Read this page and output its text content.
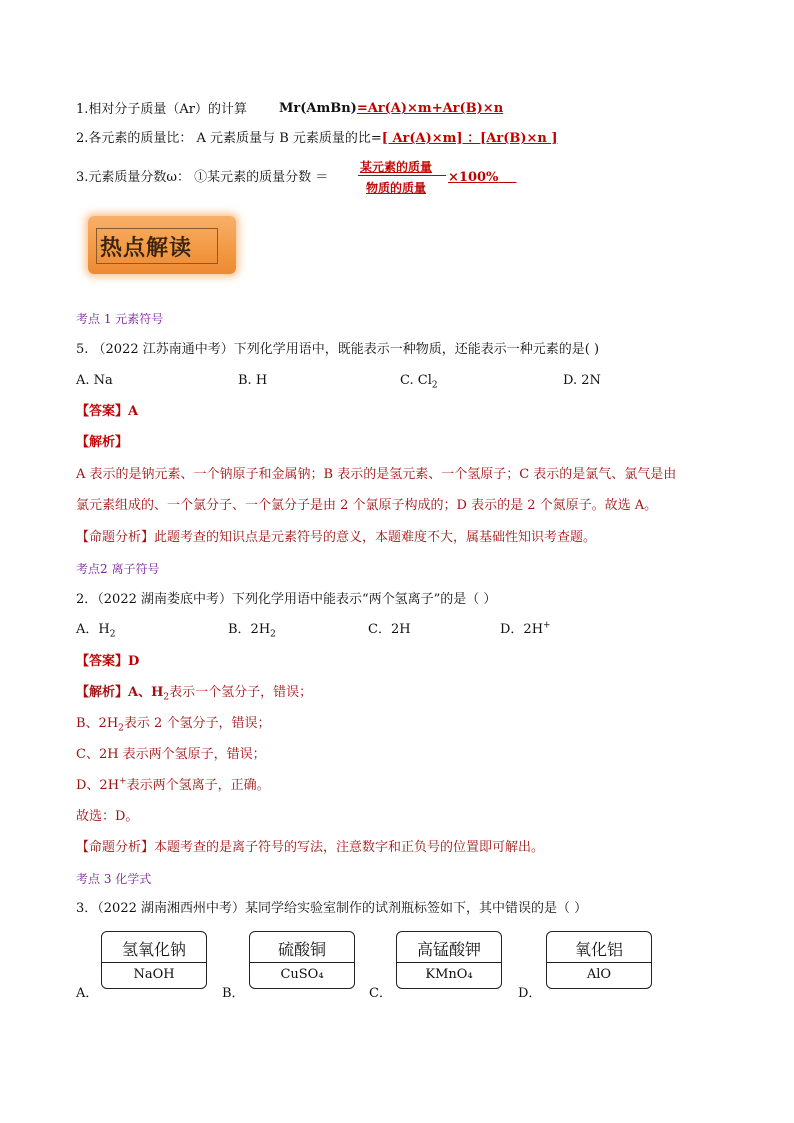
1.相对分子质量（Ar）的计算 Mr(AmBn)=Ar(A)×m+Ar(B)×n
2.各元素的质量比： A 元素质量与 B 元素质量的比=[ Ar(A)×m] ：[Ar(B)×n ]
3.元素质量分数ω： ①某元素的质量分数 ＝
某元素的质量
物质的质量
×100%
热点解读
考点 1 元素符号
5. （2022 江苏南通中考）下列化学用语中，既能表示一种物质，还能表示一种元素的是( )
A. Na	B. H	C. $Cl_2$	D. 2N
【答案】A
【解析】
A 表示的是钠元素、一个钠原子和金属钠；B 表示的是氢元素、一个氢原子；C 表示的是氯气、氯气是由
氯元素组成的、一个氯分子、一个氯分子是由 2 个氯原子构成的；D 表示的是 2 个氮原子。故选 A。
【命题分析】此题考查的知识点是元素符号的意义，本题难度不大，属基础性知识考查题。
考点2 离子符号
2．（2022 湖南娄底中考）下列化学用语中能表示“两个氢离子”的是（ ）
A．$H_2$	B．$2H_2$	C．2H	D．2H+
【答案】D
【解析】A、$H_2$表示一个氢分子，错误；
B、$2H_2$表示 2 个氢分子，错误；
C、2H 表示两个氢原子，错误；
D、2H+表示两个氢离子，正确。
故选：D。
【命题分析】本题考查的是离子符号的写法，注意数字和正负号的位置即可解出。
考点 3 化学式
3．（2022 湖南湘西州中考）某同学给实验室制作的试剂瓶标签如下，其中错误的是（ ）
A．
氢氧化钠
NaOH
B．
硫酸铜
CuSO₄
C．
高锰酸钾
KMnO₄
D．
氧化铝
AlO
